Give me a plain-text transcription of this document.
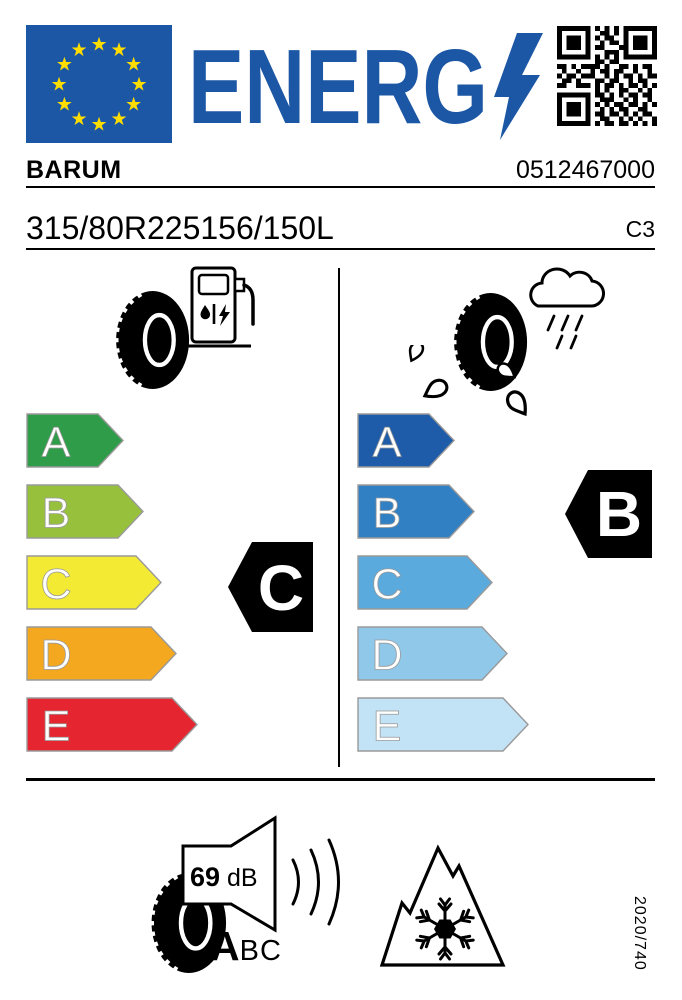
★ ★
★
★
★
★
★
★
★
★
★
★ ENERG
BARUM	0512467000
315/80R225156/150L	C3
A
B
C
D
E
A
B
C
D
E
C
B
69 dB
A BC	2020/740
